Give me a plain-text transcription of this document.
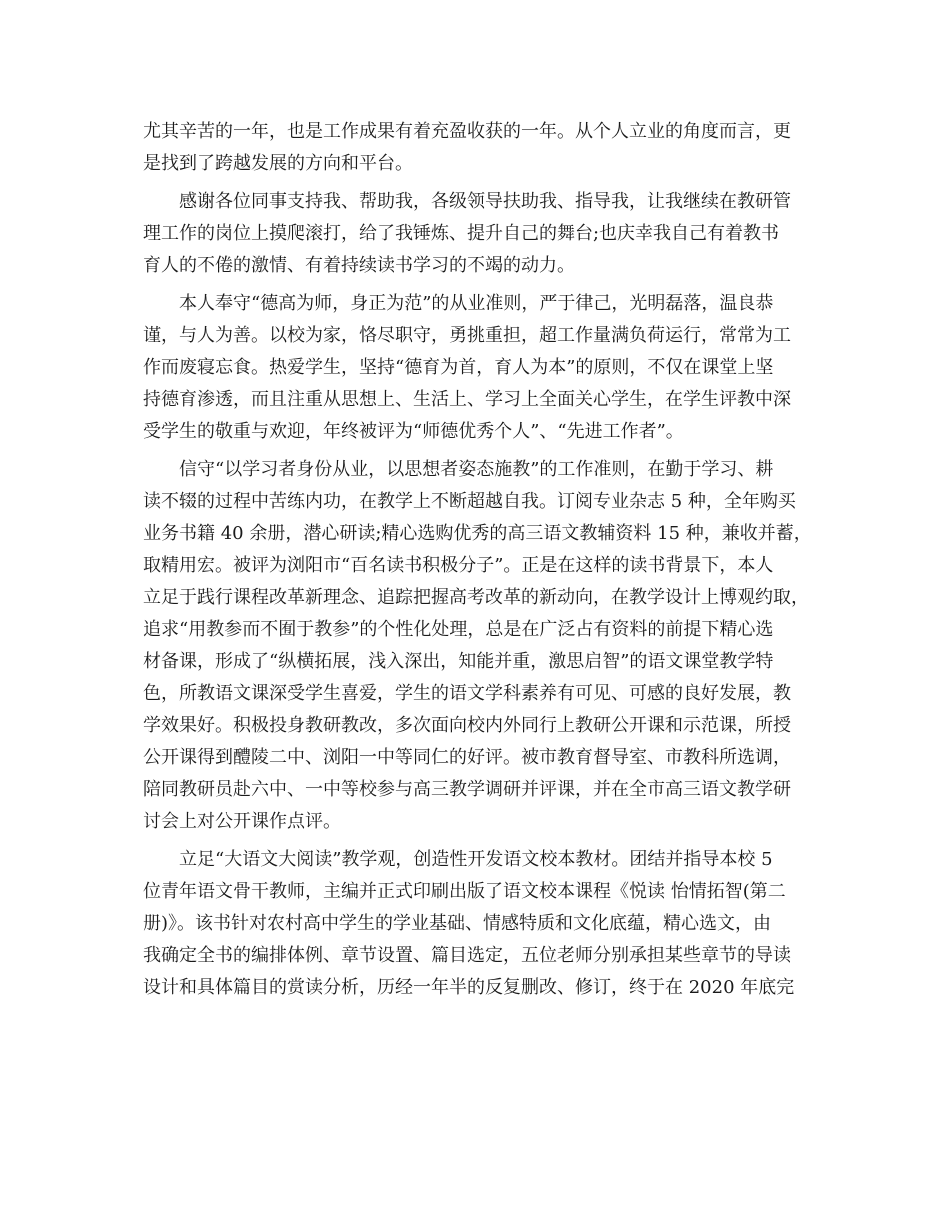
尤其辛苦的一年，也是工作成果有着充盈收获的一年。从个人立业的角度而言，更
是找到了跨越发展的方向和平台。
　　感谢各位同事支持我、帮助我，各级领导扶助我、指导我，让我继续在教研管
理工作的岗位上摸爬滚打，给了我锤炼、提升自己的舞台;也庆幸我自己有着教书
育人的不倦的激情、有着持续读书学习的不竭的动力。
　　本人奉守“德高为师，身正为范”的从业准则，严于律己，光明磊落，温良恭
谨，与人为善。以校为家，恪尽职守，勇挑重担，超工作量满负荷运行，常常为工
作而废寝忘食。热爱学生，坚持“德育为首，育人为本”的原则，不仅在课堂上坚
持德育渗透，而且注重从思想上、生活上、学习上全面关心学生，在学生评教中深
受学生的敬重与欢迎，年终被评为“师德优秀个人”、“先进工作者”。
　　信守“以学习者身份从业，以思想者姿态施教”的工作准则，在勤于学习、耕
读不辍的过程中苦练内功，在教学上不断超越自我。订阅专业杂志 5 种，全年购买
业务书籍 40 余册，潜心研读;精心选购优秀的高三语文教辅资料 15 种，兼收并蓄，
取精用宏。被评为浏阳市“百名读书积极分子”。正是在这样的读书背景下，本人
立足于践行课程改革新理念、追踪把握高考改革的新动向，在教学设计上博观约取，
追求“用教参而不囿于教参”的个性化处理，总是在广泛占有资料的前提下精心选
材备课，形成了“纵横拓展，浅入深出，知能并重，激思启智”的语文课堂教学特
色，所教语文课深受学生喜爱，学生的语文学科素养有可见、可感的良好发展，教
学效果好。积极投身教研教改，多次面向校内外同行上教研公开课和示范课，所授
公开课得到醴陵二中、浏阳一中等同仁的好评。被市教育督导室、市教科所选调，
陪同教研员赴六中、一中等校参与高三教学调研并评课，并在全市高三语文教学研
讨会上对公开课作点评。
　　立足“大语文大阅读”教学观，创造性开发语文校本教材。团结并指导本校 5
位青年语文骨干教师，主编并正式印刷出版了语文校本课程《悦读 怡情拓智(第二
册)》。该书针对农村高中学生的学业基础、情感特质和文化底蕴，精心选文，由
我确定全书的编排体例、章节设置、篇目选定，五位老师分别承担某些章节的导读
设计和具体篇目的赏读分析，历经一年半的反复删改、修订，终于在 2020 年底完
